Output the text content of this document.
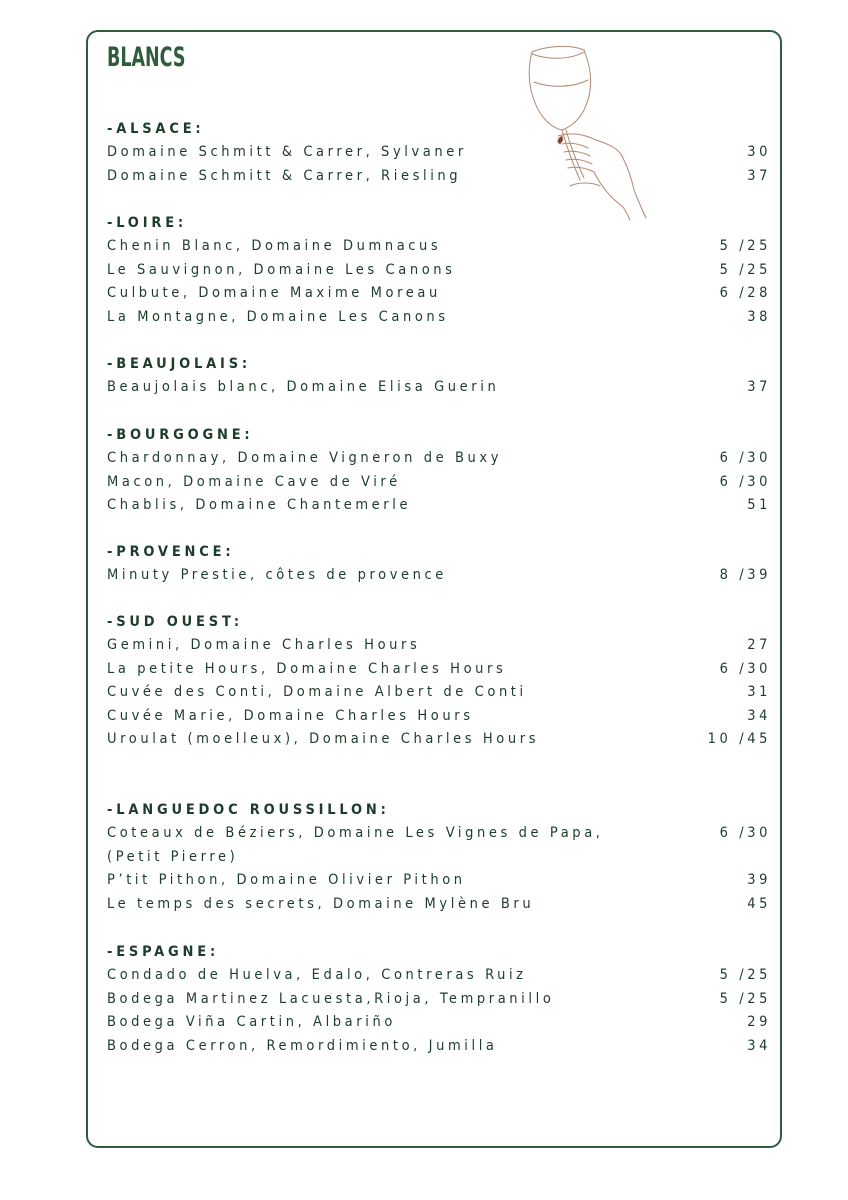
BLANCS
-ALSACE:
Domaine Schmitt & Carrer, Sylvaner	30
Domaine Schmitt & Carrer, Riesling	37
-LOIRE:
Chenin Blanc, Domaine Dumnacus	5 /25
Le Sauvignon, Domaine Les Canons	5 /25
Culbute, Domaine Maxime Moreau	6 /28
La Montagne, Domaine Les Canons	38
-BEAUJOLAIS:
Beaujolais blanc, Domaine Elisa Guerin	37
-BOURGOGNE:
Chardonnay, Domaine Vigneron de Buxy	6 /30
Macon, Domaine Cave de Viré	6 /30
Chablis, Domaine Chantemerle	51
-PROVENCE:
Minuty Prestie, côtes de provence	8 /39
-SUD OUEST:
Gemini, Domaine Charles Hours	27
La petite Hours, Domaine Charles Hours	6 /30
Cuvée des Conti, Domaine Albert de Conti	31
Cuvée Marie, Domaine Charles Hours	34
Uroulat (moelleux), Domaine Charles Hours	10 /45
-LANGUEDOC ROUSSILLON:
Coteaux de Béziers, Domaine Les Vignes de Papa,	6 /30
(Petit Pierre)
P’tit Pithon, Domaine Olivier Pithon	39
Le temps des secrets, Domaine Mylène Bru	45
-ESPAGNE:
Condado de Huelva, Edalo, Contreras Ruiz	5 /25
Bodega Martinez Lacuesta,Rioja, Tempranillo	5 /25
Bodega Viña Cartin, Albariño	29
Bodega Cerron, Remordimiento, Jumilla	34
